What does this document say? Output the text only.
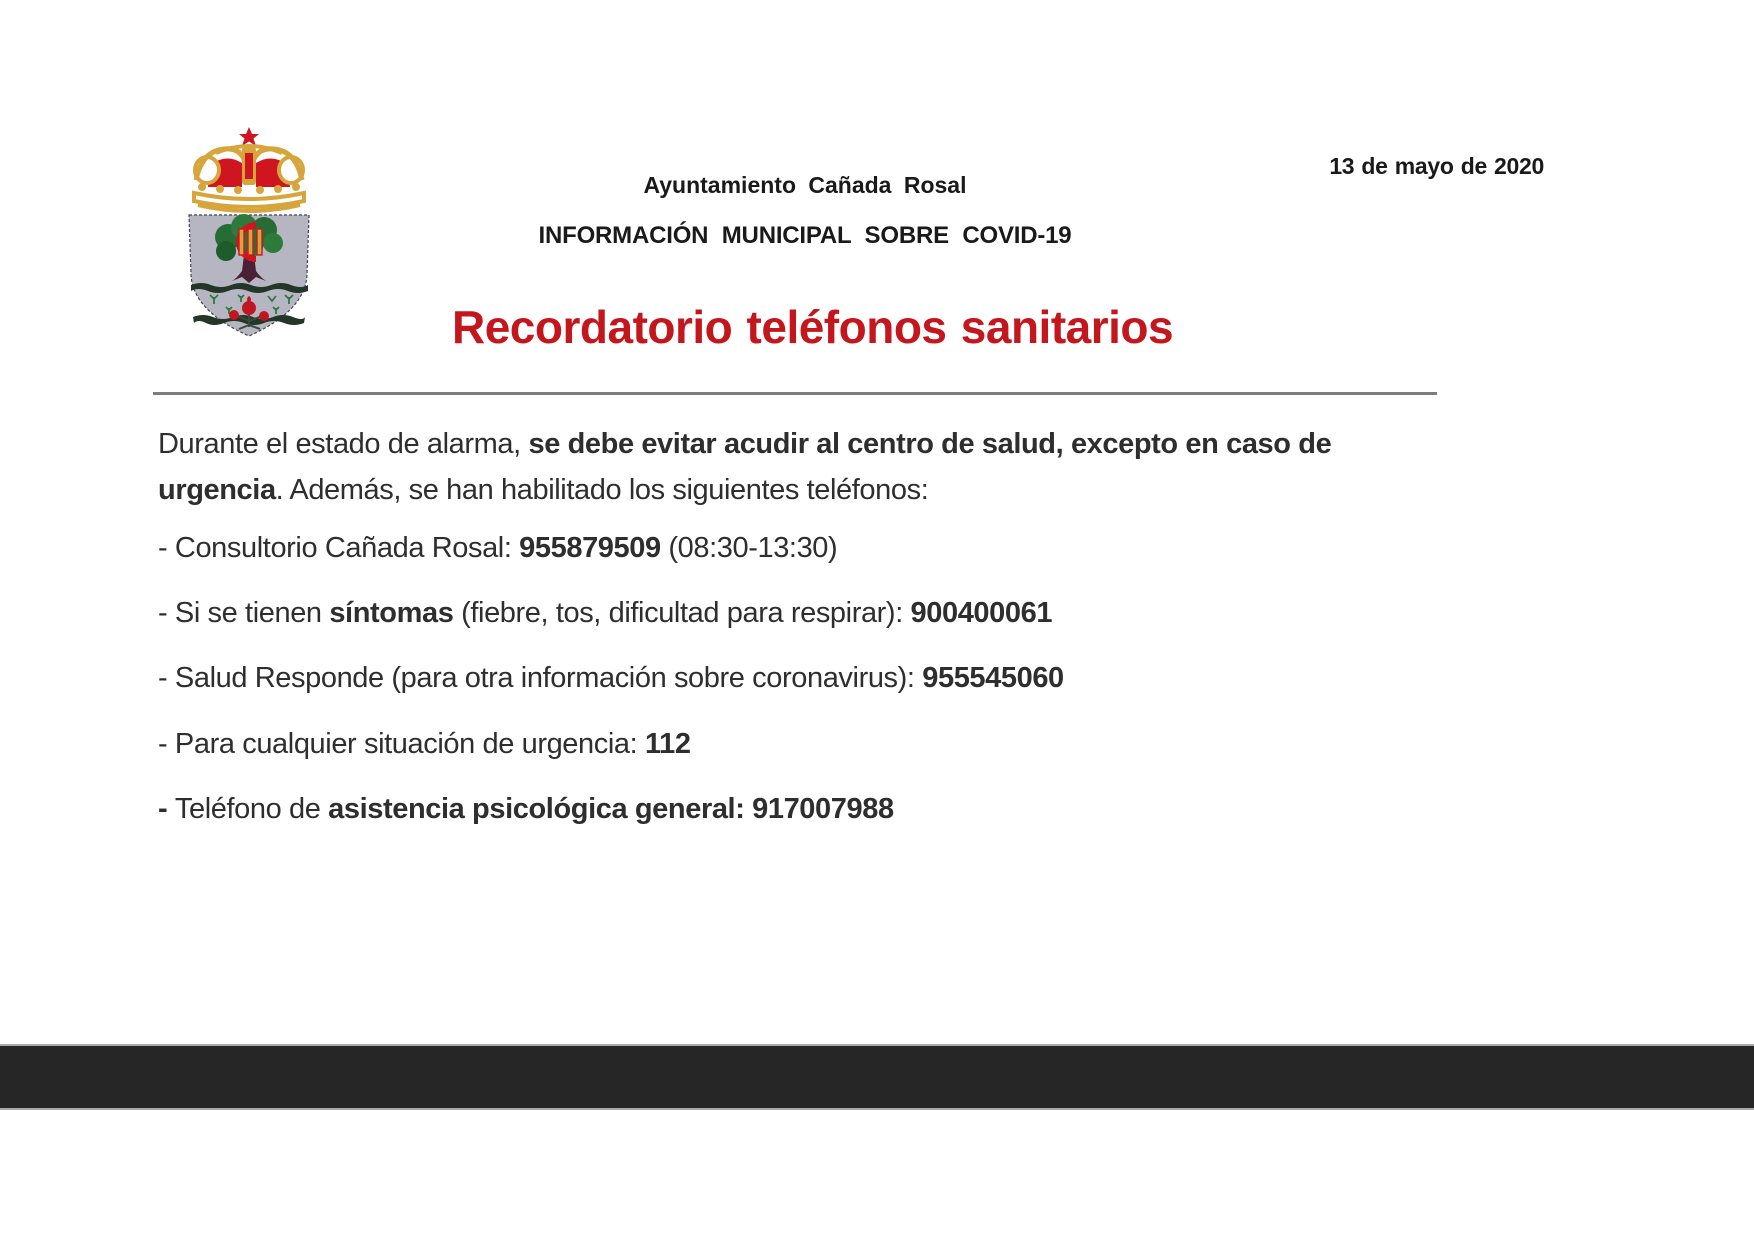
13 de mayo de 2020
Ayuntamiento Cañada Rosal
INFORMACIÓN MUNICIPAL SOBRE COVID-19
Recordatorio teléfonos sanitarios
Durante el estado de alarma, se debe evitar acudir al centro de salud, excepto en caso de urgencia. Además, se han habilitado los siguientes teléfonos:
- Consultorio Cañada Rosal: 955879509 (08:30-13:30)
- Si se tienen síntomas (fiebre, tos, dificultad para respirar): 900400061
- Salud Responde (para otra información sobre coronavirus): 955545060
- Para cualquier situación de urgencia: 112
- Teléfono de asistencia psicológica general: 917007988
